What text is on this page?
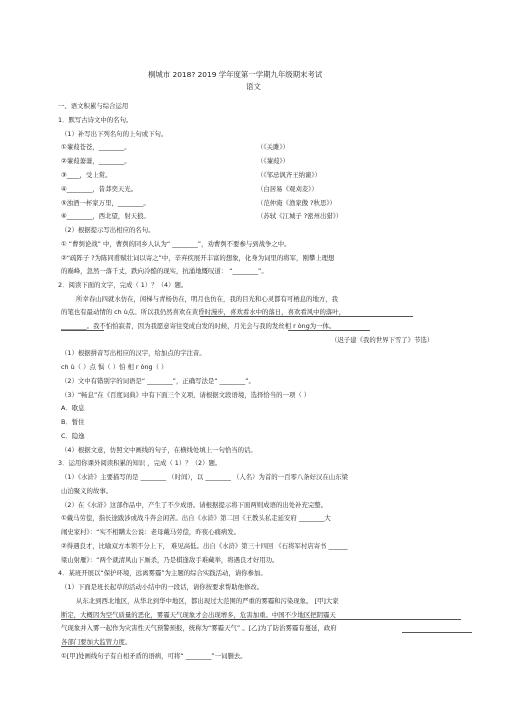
桐城市 2018? 2019 学年度第一学期九年级期末考试
语文
一、语文积累与综合运用
1．默写古诗文中的名句。
（1）补写出下列名句的上句或下句。
①蒹葭苍苍，________。	（《关雎》）
②蒹葭萋萋，________。	（《蒹葭》）
③____，受上赏。	（《邹忌讽齐王纳谏》）
④________，昔莽奕天光。	（白居易《观刈麦》）
⑤浊酒一杯家万里，________。	（范仲淹《渔家傲 ?秋思》）
⑥________，西北望，射天狼。	（苏轼《江城子 ?密州出猎》）
（2）根据提示写出相应的名句。
① “曹刿论战” 中，曹刿的同乡人认为“ ________”，劝曹刿不要参与到战争之中。
②“疏阵子 ?为陈同甫赋壮词以寄之”中，辛弃疾展开丰富的想象，化身为词里的将军，刚攀上理想
的巅峰，忽然一落千丈，跌向冷酷的现实，抗涌地慨叹道： “________”。
2．阅读下面的文字，完成（ 1）？（4）题。
所幸春山四就水仿在，闲梯与青杨仿在，明月也仿在，我的目光和心灵都有可栖息的地方，我
的笔也有最动情的 ch ù点。所以我仍然喜欢在黄昏时漫步，喜欢看水中的落日，喜欢看风中的落叶，
________。我不怕怕寂者，因为我愿意寄往变成白发的时候，月光会与我的发丝相 r òng为一体。
（迟子建《我的世界下雪了》节选）
（1）根据拼音写出相应的汉字，给加点的字注音。
ch ù（ ）点 惧（ ）怕 相 r òng（ ）
（2）文中有错别字的词语是“ ________”，正确写法是“ ________”。
（3）“畅息”在《百度词典》中有下面三个义项，请根据文段语境，选择恰当的一项（ ）
A．歇息
B．暂住
C．隐逸
（4）根据文意，仿照文中画线的句子，在横线处填上一句恰当的话。
3．运用你课外阅读积累的知识 ，完成（ 1）？（2）题。
（1）《水浒》主要描写的是 ________ （时间），以 ________ （人名）为首的一百零八条好汉在山东梁
山泊聚义的故事。
（2）在《水浒》这部作品中，产生了不少成语。请根据提示将下面两则成语的出处补充完整。
①戴马劳偿，指长途跋涉或战斗奔会闲苦。出自《水浒》第二回《王教头私走延安府 ________大
闹史家村》：“实不相瞒太公说：老母戴马劳偿，昨夜心痛病发。
②得遇良才，比喻双方本领不分上下， 难见高低。出自《水浒》第三十四回 《石将军村店寄书 ______
梁山射雁》：“两个就清风山下厮杀，乃是棋逢敌手难藏举，将遇良才好用功。
4．某班开展以“保护环境，远离雾霾”为主题的综合实践活动，请你参加。
（1）下面是班长起草的活动小结中的一段话，请你按要求帮助他修改。
从东北到西北地区，从华北到华中地区，都出现过大范围的严重的雾霾和污染现象。 [甲]大家
断定，大概因为空气质量的恶化，雾霾天气现象才会出现增多，危害加重。中国不少地区把阴霾天
气现象并入雾一起作为灾害性天气预警预报，统称为“雾霾天气” 。[乙]为了防治雾霾有蔓延，政府
各部门要加大监管力度。
①[甲]处画线句子有自相矛盾的语病，可将“ ________”一词删去。
